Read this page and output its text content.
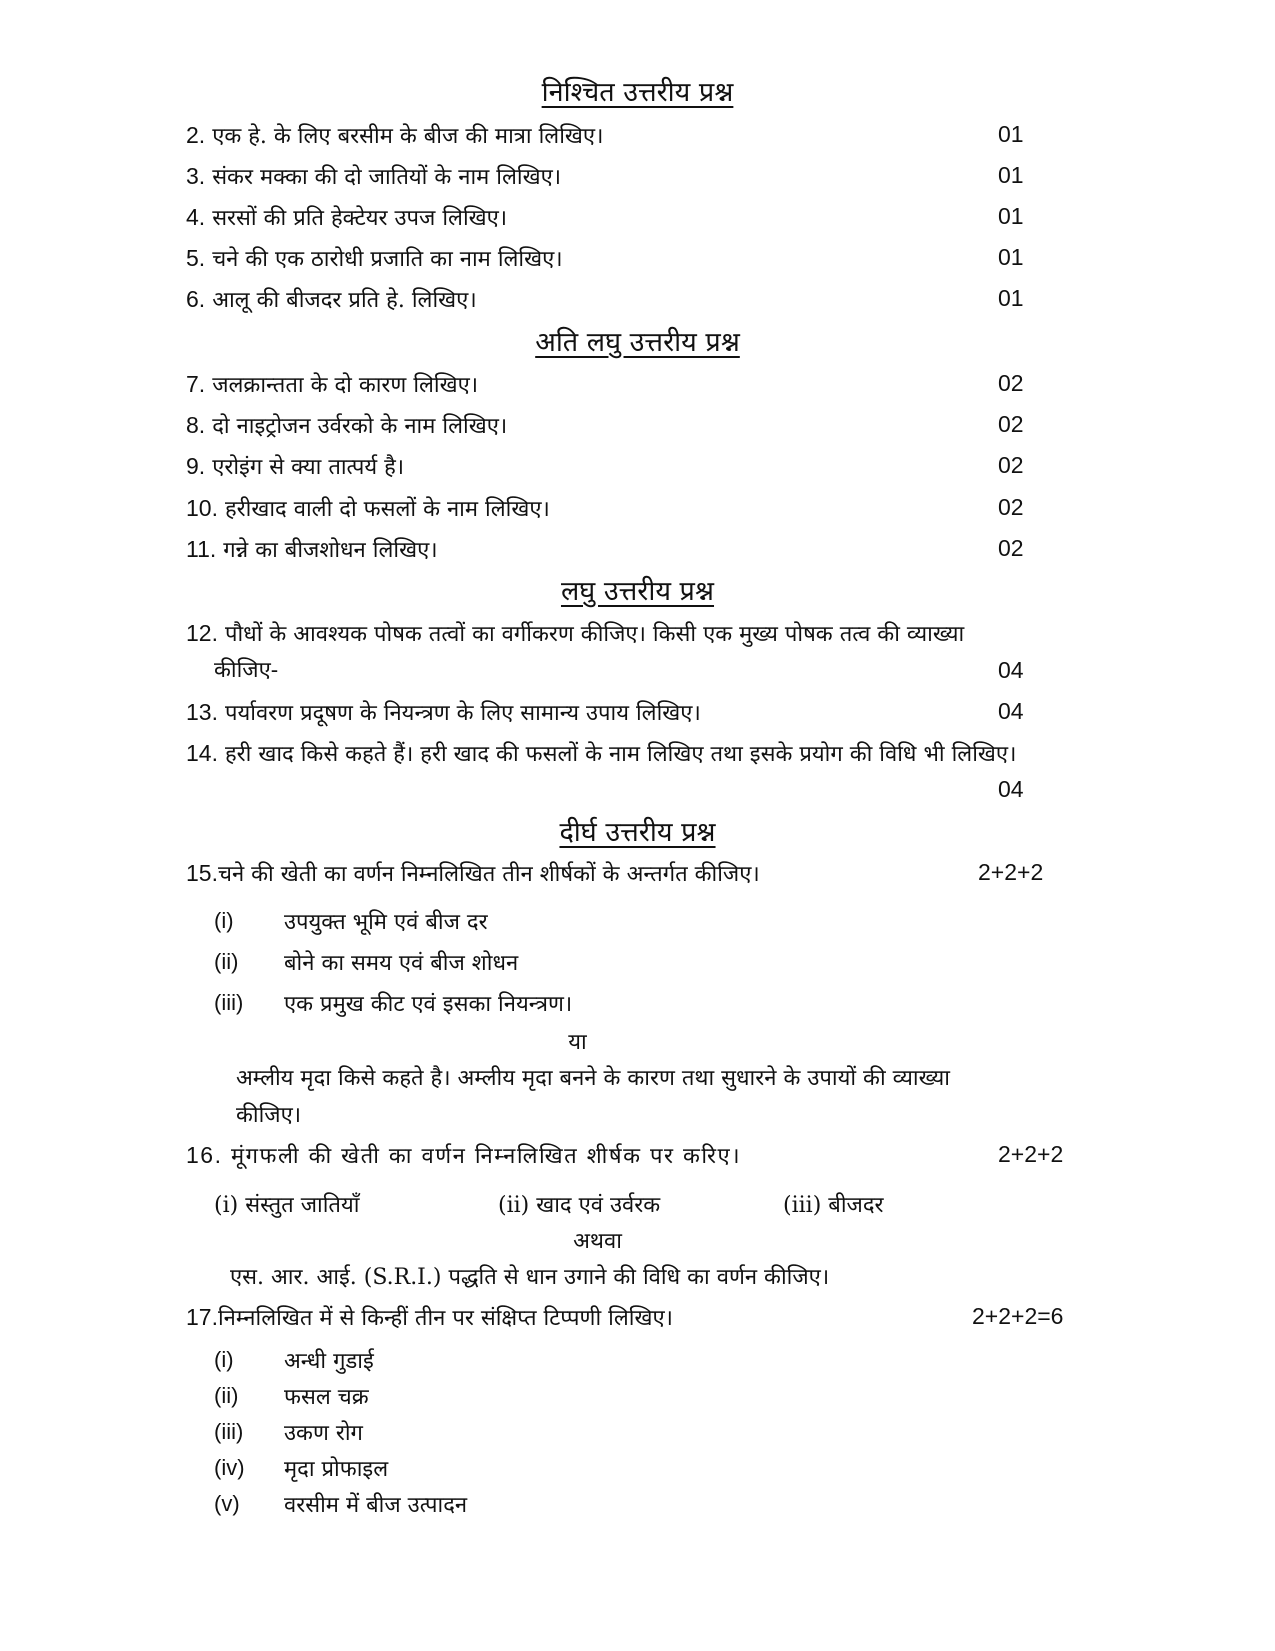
निश्चित उत्तरीय प्रश्न
2. एक हे. के लिए बरसीम के बीज की मात्रा लिखिए।	01
3. संकर मक्का की दो जातियों के नाम लिखिए।	01
4. सरसों की प्रति हेक्टेयर उपज लिखिए।	01
5. चने की एक ठारोधी प्रजाति का नाम लिखिए।	01
6. आलू की बीजदर प्रति हे. लिखिए।	01
अति लघु उत्तरीय प्रश्न
7. जलक्रान्तता के दो कारण लिखिए।	02
8. दो नाइट्रोजन उर्वरको के नाम लिखिए।	02
9. एरोइंग से क्या तात्पर्य है।	02
10. हरीखाद वाली दो फसलों के नाम लिखिए।	02
11. गन्ने का बीजशोधन लिखिए।	02
लघु उत्तरीय प्रश्न
12. पौधों के आवश्यक पोषक तत्वों का वर्गीकरण कीजिए। किसी एक मुख्य पोषक तत्व की व्याख्या
कीजिए-	04
13. पर्यावरण प्रदूषण के नियन्त्रण के लिए सामान्य उपाय लिखिए।	04
14. हरी खाद किसे कहते हैं। हरी खाद की फसलों के नाम लिखिए तथा इसके प्रयोग की विधि भी लिखिए।
04
दीर्घ उत्तरीय प्रश्न
15.चने की खेती का वर्णन निम्नलिखित तीन शीर्षकों के अन्तर्गत कीजिए।	2+2+2
(i) उपयुक्त भूमि एवं बीज दर
(ii) बोने का समय एवं बीज शोधन
(iii) एक प्रमुख कीट एवं इसका नियन्त्रण।
या
अम्लीय मृदा किसे कहते है। अम्लीय मृदा बनने के कारण तथा सुधारने के उपायों की व्याख्या
कीजिए।
16. मूंगफली की खेती का वर्णन निम्नलिखित शीर्षक पर करिए।	2+2+2
(i) संस्तुत जातियाँ	(ii) खाद एवं उर्वरक	(iii) बीजदर
अथवा
एस. आर. आई. (S.R.I.) पद्धति से धान उगाने की विधि का वर्णन कीजिए।
17.निम्नलिखित में से किन्हीं तीन पर संक्षिप्त टिप्पणी लिखिए।	2+2+2=6
(i) अन्धी गुडाई
(ii) फसल चक्र
(iii) उकण रोग
(iv) मृदा प्रोफाइल
(v) वरसीम में बीज उत्पादन
